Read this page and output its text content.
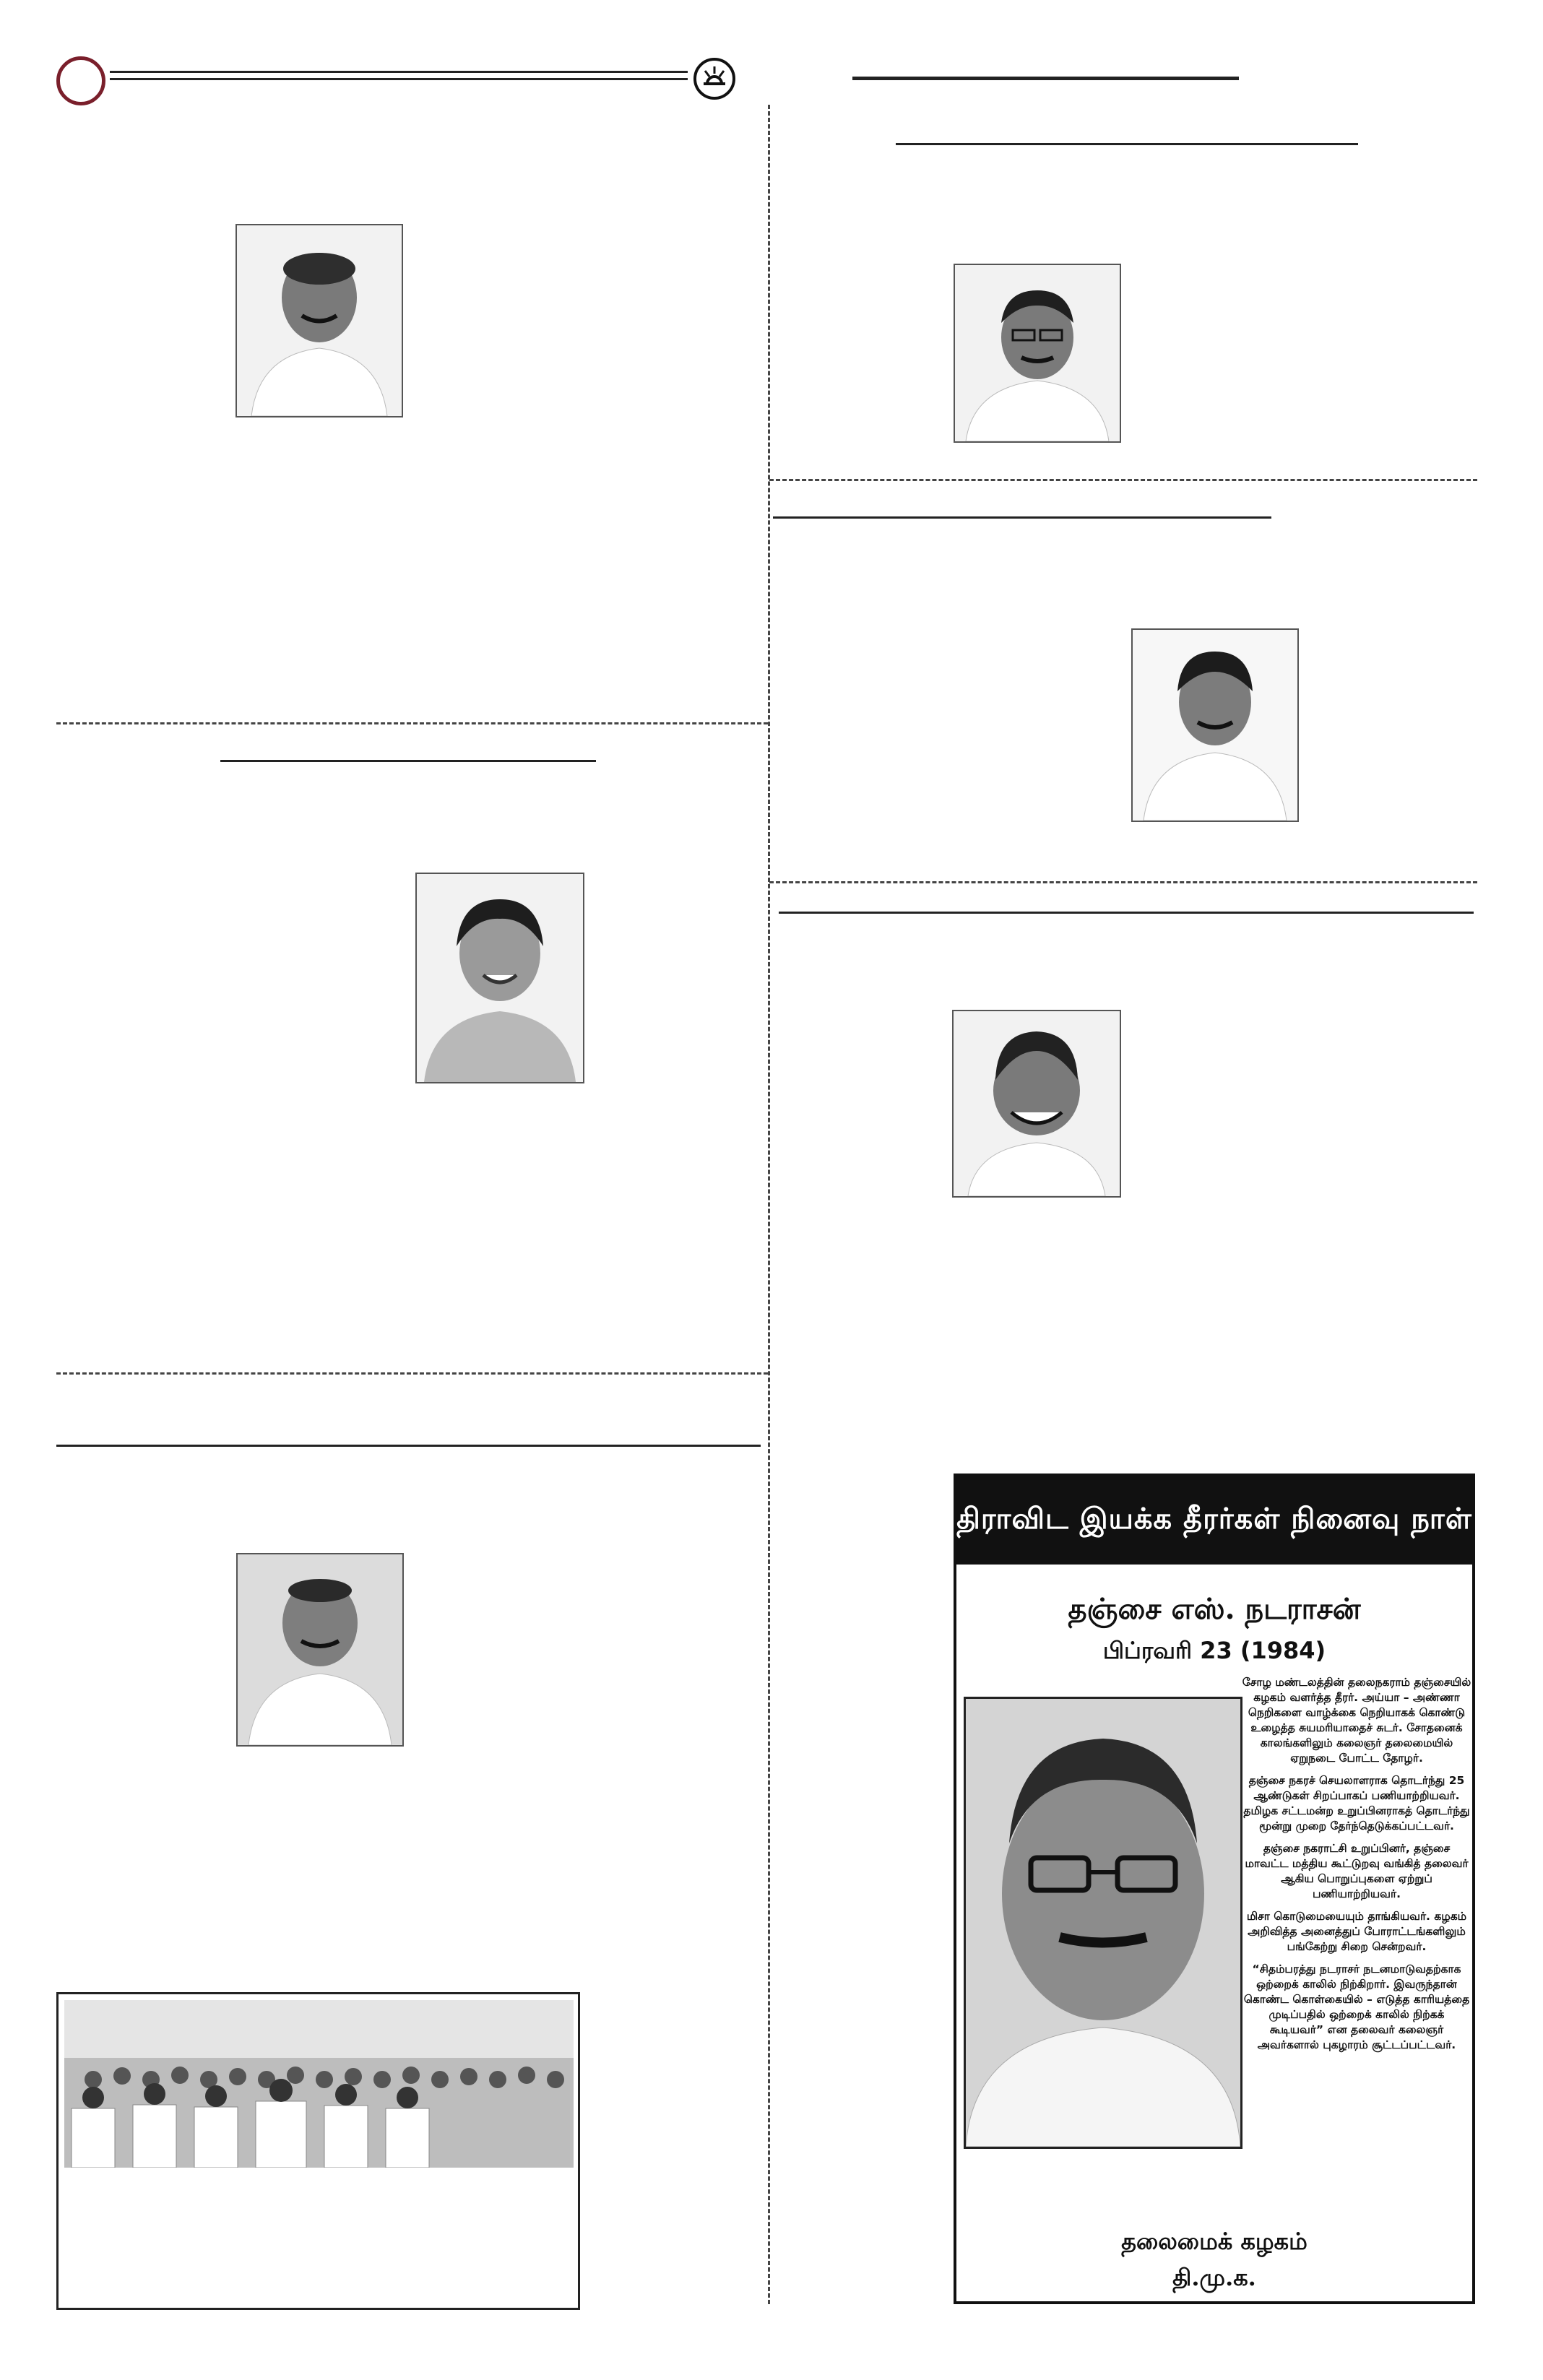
திராவிட இயக்க தீரர்கள் நினைவு நாள்
தஞ்சை எஸ். நடராசன்
பிப்ரவரி 23 (1984)

சோழ மண்டலத்தின் தலைநகராம் தஞ்சையில் கழகம் வளர்த்த தீரர். அய்யா – அண்ணா நெறிகளை வாழ்க்கை நெறியாகக் கொண்டு உழைத்த சுயமரியாதைச் சுடர். சோதனைக் காலங்களிலும் கலைஞர் தலைமையில் ஏறுநடை போட்ட தோழர்.

தஞ்சை நகரச் செயலாளராக தொடர்ந்து 25 ஆண்டுகள் சிறப்பாகப் பணியாற்றியவர். தமிழக சட்டமன்ற உறுப்பினராகத் தொடர்ந்து மூன்று முறை தேர்ந்தெடுக்கப்பட்டவர்.

தஞ்சை நகராட்சி உறுப்பினர், தஞ்சை மாவட்ட மத்திய கூட்டுறவு வங்கித் தலைவர் ஆகிய பொறுப்புகளை ஏற்றுப் பணியாற்றியவர்.

மிசா கொடுமையையும் தாங்கியவர். கழகம் அறிவித்த அனைத்துப் போராட்டங்களிலும் பங்கேற்று சிறை சென்றவர்.

“சிதம்பரத்து நடராசர் நடனமாடுவதற்காக ஒற்றைக் காலில் நிற்கிறார். இவருந்தான் கொண்ட கொள்கையில் – எடுத்த காரியத்தை முடிப்பதில் ஒற்றைக் காலில் நிற்கக் கூடியவர்” என தலைவர் கலைஞர் அவர்களால் புகழாரம் சூட்டப்பட்டவர்.

தலைமைக் கழகம்
தி.மு.க.
